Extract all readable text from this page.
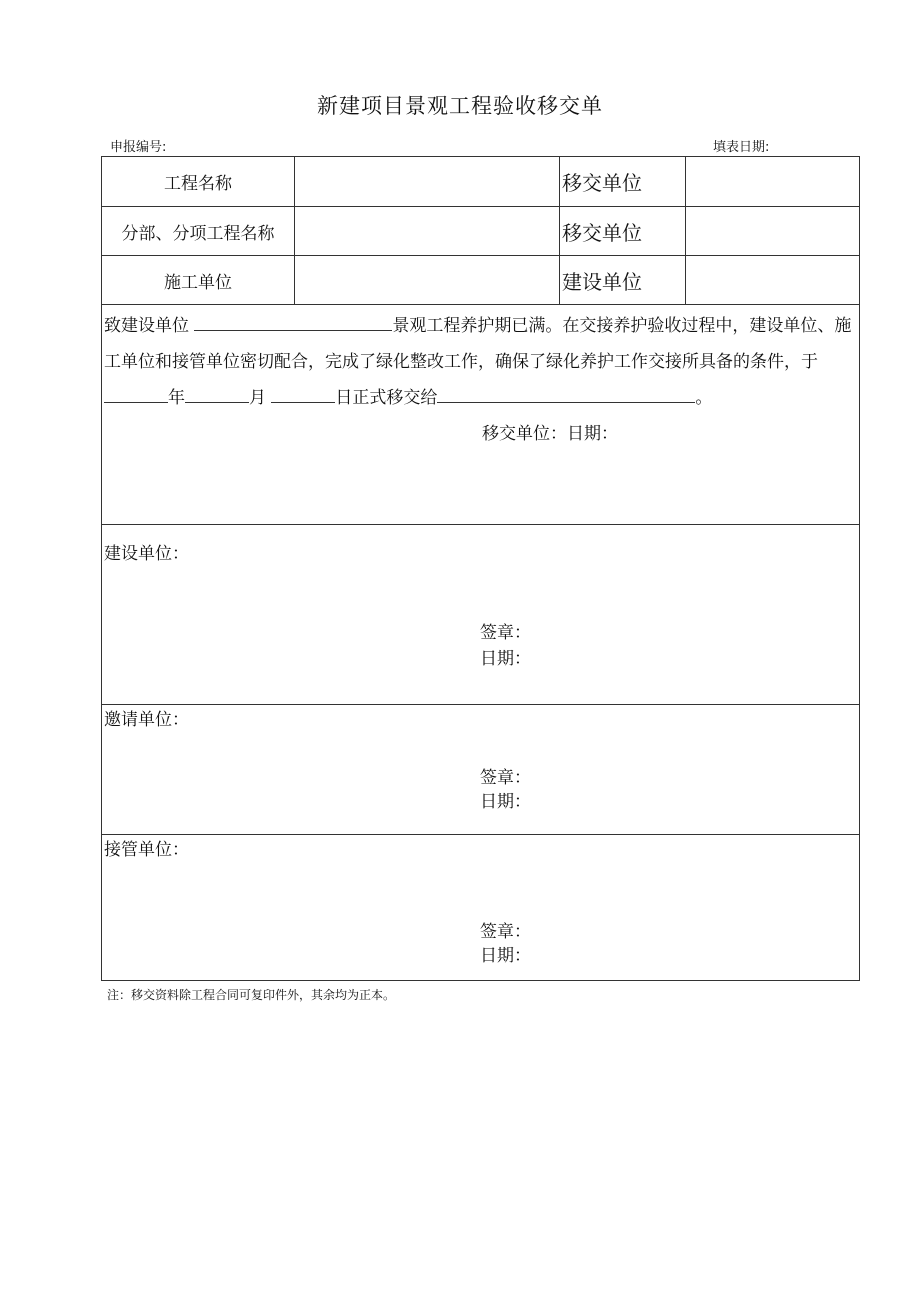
新建项目景观工程验收移交单
申报编号:	填表日期:
工程名称		移交单位	
分部、分项工程名称		移交单位	
施工单位		建设单位	

致建设单位 景观工程养护期已满。在交接养护验收过程中，建设单位、施工单位和接管单位密切配合，完成了绿化整改工作，确保了绿化养护工作交接所具备的条件，于年 月 日正式移交给 。
移交单位：日期：			

建设单位：
签章：
日期：			

邀请单位：
签章：
日期：			

接管单位：
签章：
日期：			
注：移交资料除工程合同可复印件外，其余均为正本。
